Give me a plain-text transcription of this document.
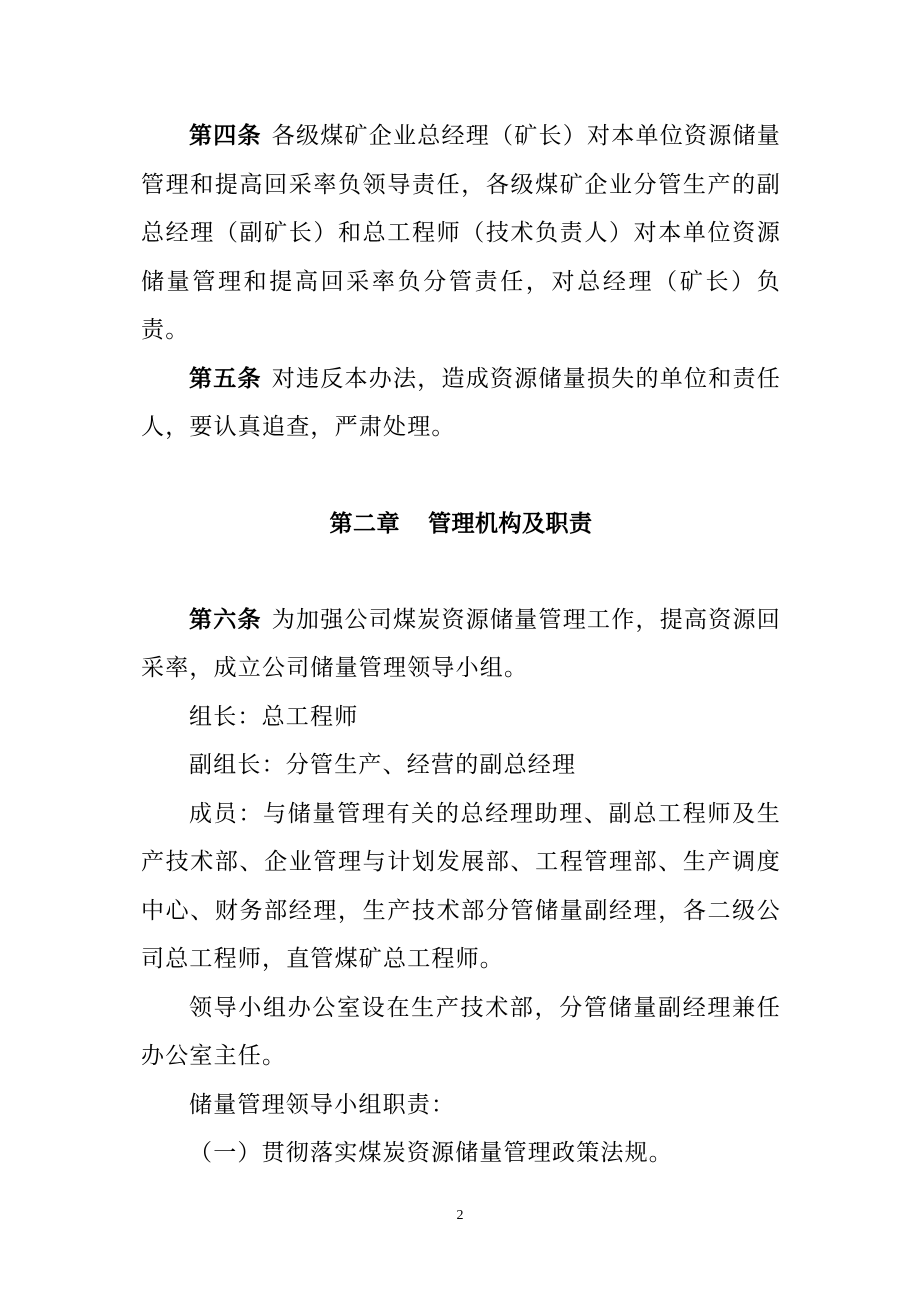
第四条 各级煤矿企业总经理（矿长）对本单位资源储量管理和提高回采率负领导责任，各级煤矿企业分管生产的副总经理（副矿长）和总工程师（技术负责人）对本单位资源储量管理和提高回采率负分管责任，对总经理（矿长）负责。

第五条 对违反本办法，造成资源储量损失的单位和责任人，要认真追查，严肃处理。

第二章 管理机构及职责

第六条 为加强公司煤炭资源储量管理工作，提高资源回采率，成立公司储量管理领导小组。

组长：总工程师

副组长：分管生产、经营的副总经理

成员：与储量管理有关的总经理助理、副总工程师及生产技术部、企业管理与计划发展部、工程管理部、生产调度中心、财务部经理，生产技术部分管储量副经理，各二级公司总工程师，直管煤矿总工程师。

领导小组办公室设在生产技术部，分管储量副经理兼任办公室主任。

储量管理领导小组职责：

（一）贯彻落实煤炭资源储量管理政策法规。

2
